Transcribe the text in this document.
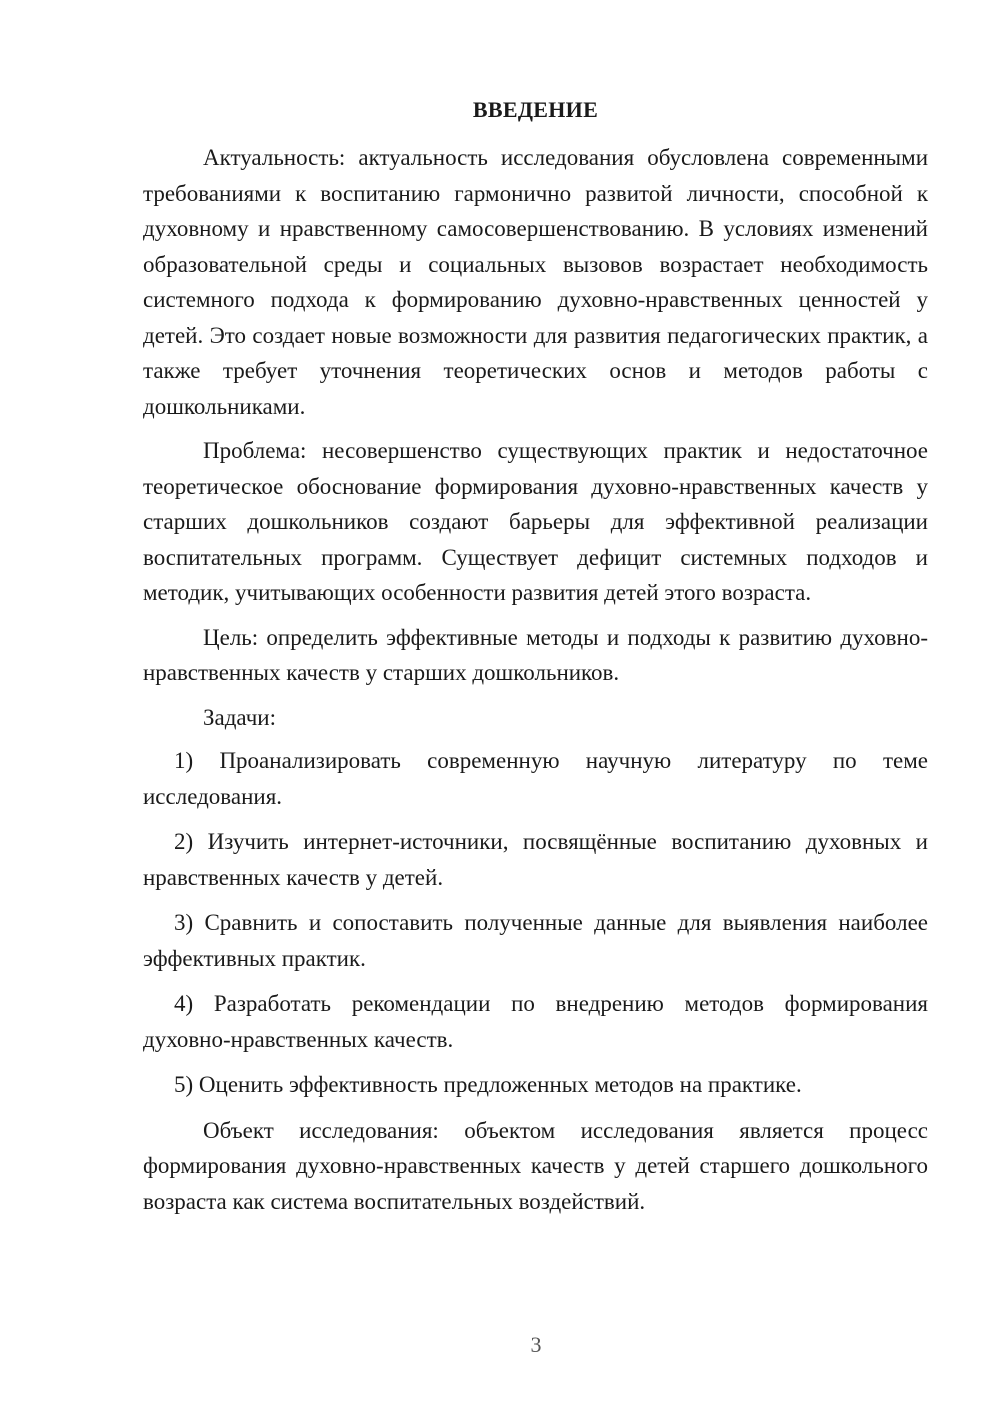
ВВЕДЕНИЕ

Актуальность: актуальность исследования обусловлена современными требованиями к воспитанию гармонично развитой личности, способной к духовному и нравственному самосовершенствованию. В условиях изменений образовательной среды и социальных вызовов возрастает необходимость системного подхода к формированию духовно-нравственных ценностей у детей. Это создает новые возможности для развития педагогических практик, а также требует уточнения теоретических основ и методов работы с дошкольниками.

Проблема: несовершенство существующих практик и недостаточное теоретическое обоснование формирования духовно-нравственных качеств у старших дошкольников создают барьеры для эффективной реализации воспитательных программ. Существует дефицит системных подходов и методик, учитывающих особенности развития детей этого возраста.

Цель: определить эффективные методы и подходы к развитию духовно-нравственных качеств у старших дошкольников.

Задачи:

1) Проанализировать современную научную литературу по теме исследования.

2) Изучить интернет-источники, посвящённые воспитанию духовных и нравственных качеств у детей.

3) Сравнить и сопоставить полученные данные для выявления наиболее эффективных практик.

4) Разработать рекомендации по внедрению методов формирования духовно-нравственных качеств.

5) Оценить эффективность предложенных методов на практике.

Объект исследования: объектом исследования является процесс формирования духовно-нравственных качеств у детей старшего дошкольного возраста как система воспитательных воздействий.

3
